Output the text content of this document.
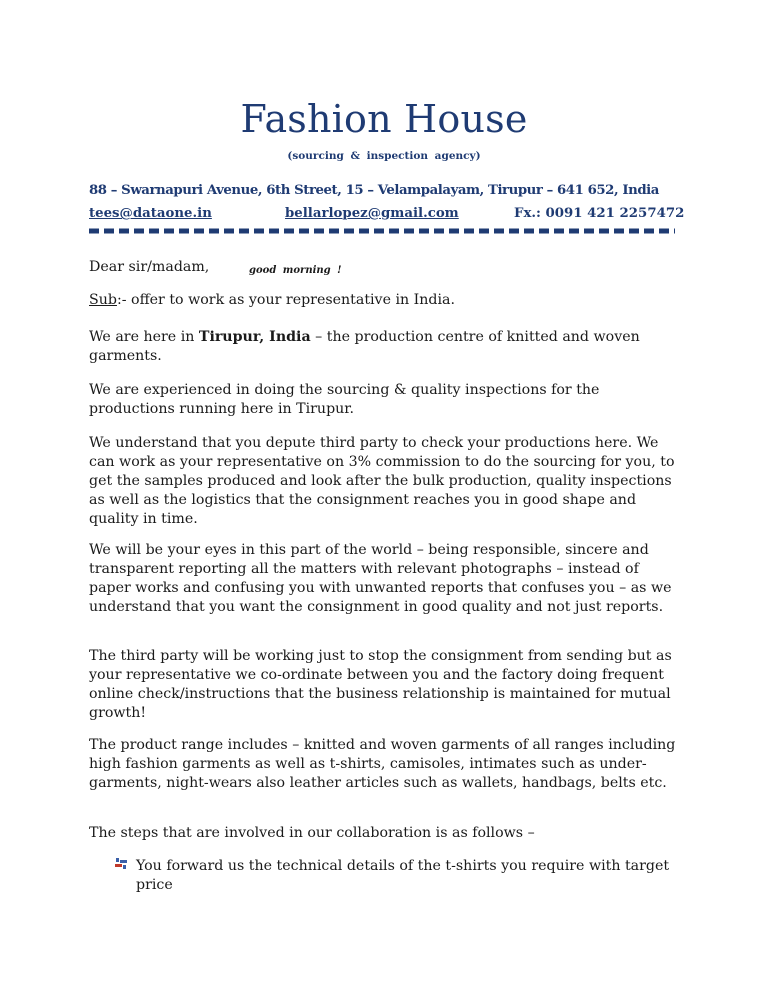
Fashion House
(sourcing & inspection agency)
88 – Swarnapuri Avenue, 6th Street, 15 – Velampalayam, Tirupur – 641 652, India
tees@dataone.in	bellarlopez@gmail.com	Fx.: 0091 421 2257472
Dear sir/madam,	good morning !
Sub:- offer to work as your representative in India.
We are here in Tirupur, India – the production centre of knitted and woven garments.

We are experienced in doing the sourcing & quality inspections for the productions running here in Tirupur.

We understand that you depute third party to check your productions here. We can work as your representative on 3% commission to do the sourcing for you, to get the samples produced and look after the bulk production, quality inspections as well as the logistics that the consignment reaches you in good shape and quality in time.

We will be your eyes in this part of the world – being responsible, sincere and transparent reporting all the matters with relevant photographs – instead of paper works and confusing you with unwanted reports that confuses you – as we understand that you want the consignment in good quality and not just reports.

The third party will be working just to stop the consignment from sending but as your representative we co-ordinate between you and the factory doing frequent online check/instructions that the business relationship is maintained for mutual growth!

The product range includes – knitted and woven garments of all ranges including high fashion garments as well as t-shirts, camisoles, intimates such as under-garments, night-wears also leather articles such as wallets, handbags, belts etc.

The steps that are involved in our collaboration is as follows –

You forward us the technical details of the t-shirts you require with target price
